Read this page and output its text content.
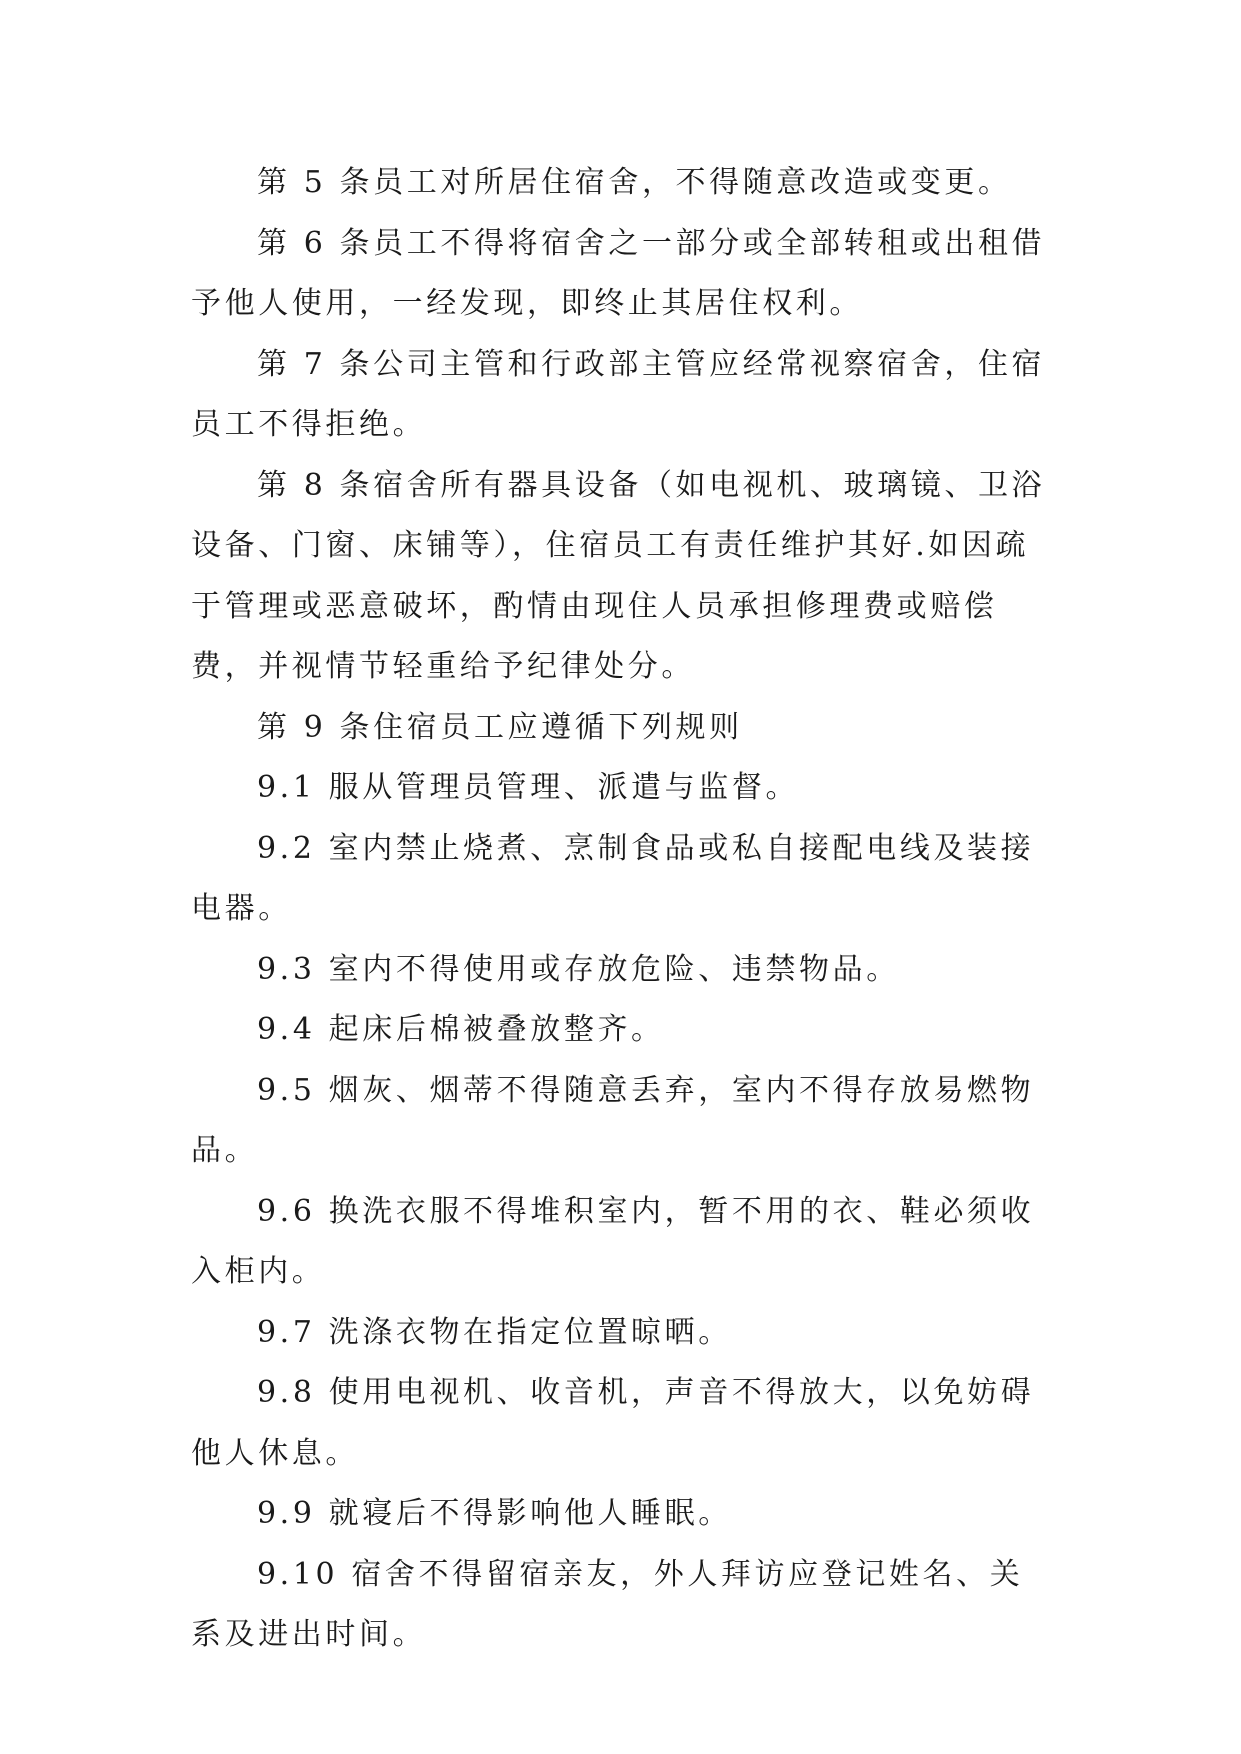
第 5 条员工对所居住宿舍，不得随意改造或变更。

第 6 条员工不得将宿舍之一部分或全部转租或出租借予他人使用，一经发现，即终止其居住权利。

第 7 条公司主管和行政部主管应经常视察宿舍，住宿员工不得拒绝。

第 8 条宿舍所有器具设备（如电视机、玻璃镜、卫浴设备、门窗、床铺等），住宿员工有责任维护其好.如因疏于管理或恶意破坏，酌情由现住人员承担修理费或赔偿费，并视情节轻重给予纪律处分。

第 9 条住宿员工应遵循下列规则

9.1 服从管理员管理、派遣与监督。

9.2 室内禁止烧煮、烹制食品或私自接配电线及装接电器。

9.3 室内不得使用或存放危险、违禁物品。

9.4 起床后棉被叠放整齐。

9.5 烟灰、烟蒂不得随意丢弃，室内不得存放易燃物品。

9.6 换洗衣服不得堆积室内，暂不用的衣、鞋必须收入柜内。

9.7 洗涤衣物在指定位置晾晒。

9.8 使用电视机、收音机，声音不得放大，以免妨碍他人休息。

9.9 就寝后不得影响他人睡眠。

9.10 宿舍不得留宿亲友，外人拜访应登记姓名、关系及进出时间。
